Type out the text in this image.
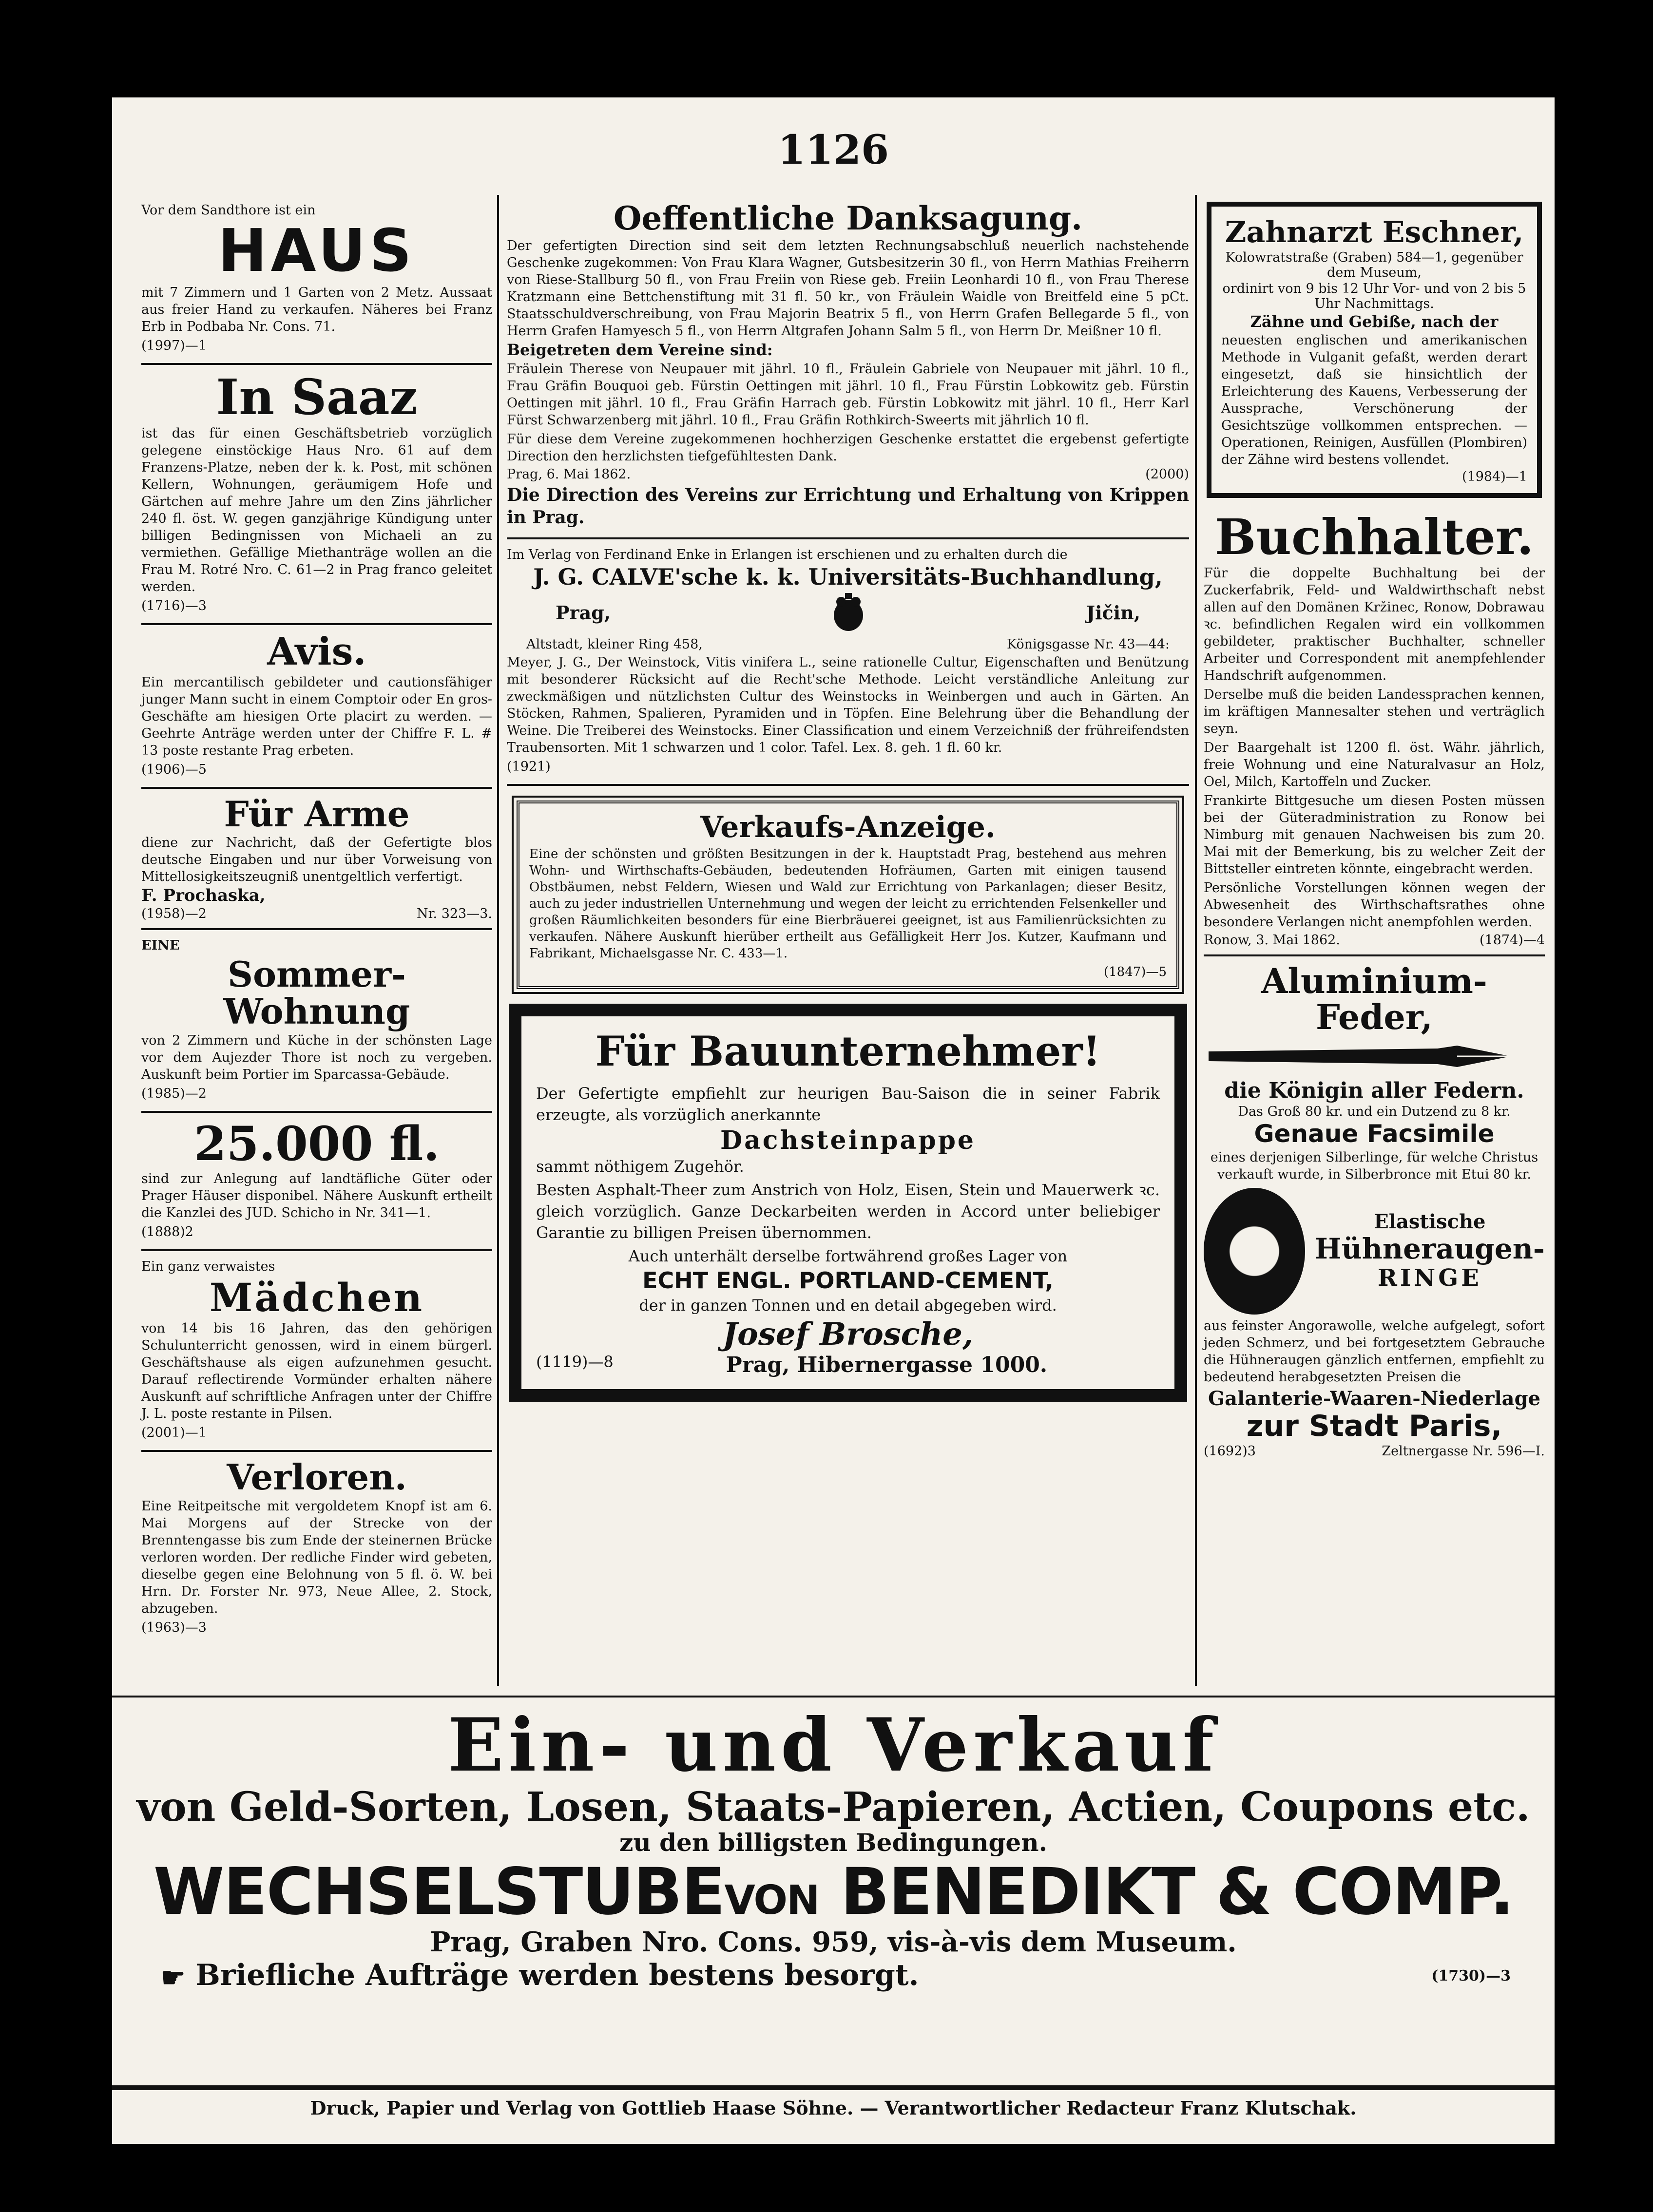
1126

Vor dem Sandthore ist ein

HAUS

mit 7 Zimmern und 1 Garten von 2 Metz. Aussaat aus freier Hand zu verkaufen. Näheres bei Franz Erb in Podbaba Nr. Cons. 71.

(1997)—1

In Saaz

ist das für einen Geschäftsbetrieb vorzüglich gelegene einstöckige Haus Nro. 61 auf dem Franzens-Platze, neben der k. k. Post, mit schönen Kellern, Wohnungen, geräumigem Hofe und Gärtchen auf mehre Jahre um den Zins jährlicher 240 fl. öst. W. gegen ganzjährige Kündigung unter billigen Bedingnissen von Michaeli an zu vermiethen. Gefällige Miethanträge wollen an die Frau M. Rotré Nro. C. 61—2 in Prag franco geleitet werden.

(1716)—3

Avis.

Ein mercantilisch gebildeter und cautionsfähiger junger Mann sucht in einem Comptoir oder En gros-Geschäfte am hiesigen Orte placirt zu werden. — Geehrte Anträge werden unter der Chiffre F. L. # 13 poste restante Prag erbeten.

(1906)—5

Für Arme

diene zur Nachricht, daß der Gefertigte blos deutsche Eingaben und nur über Vorweisung von Mittellosigkeitszeugniß unentgeltlich verfertigt.

F. Prochaska,

(1958)—2	Nr. 323—3.

EINE

Sommer-Wohnung

von 2 Zimmern und Küche in der schönsten Lage vor dem Aujezder Thore ist noch zu vergeben. Auskunft beim Portier im Sparcassa-Gebäude.

(1985)—2

25.000 fl.

sind zur Anlegung auf landtäfliche Güter oder Prager Häuser disponibel. Nähere Auskunft ertheilt die Kanzlei des JUD. Schicho in Nr. 341—1.

(1888)2

Ein ganz verwaistes

Mädchen

von 14 bis 16 Jahren, das den gehörigen Schulunterricht genossen, wird in einem bürgerl. Geschäftshause als eigen aufzunehmen gesucht. Darauf reflectirende Vormünder erhalten nähere Auskunft auf schriftliche Anfragen unter der Chiffre J. L. poste restante in Pilsen.

(2001)—1

Verloren.

Eine Reitpeitsche mit vergoldetem Knopf ist am 6. Mai Morgens auf der Strecke von der Brenntengasse bis zum Ende der steinernen Brücke verloren worden. Der redliche Finder wird gebeten, dieselbe gegen eine Belohnung von 5 fl. ö. W. bei Hrn. Dr. Forster Nr. 973, Neue Allee, 2. Stock, abzugeben.

(1963)—3

Oeffentliche Danksagung.

Der gefertigten Direction sind seit dem letzten Rechnungsabschluß neuerlich nachstehende Geschenke zugekommen: Von Frau Klara Wagner, Gutsbesitzerin 30 fl., von Herrn Mathias Freiherrn von Riese-Stallburg 50 fl., von Frau Freiin von Riese geb. Freiin Leonhardi 10 fl., von Frau Therese Kratzmann eine Bettchenstiftung mit 31 fl. 50 kr., von Fräulein Waidle von Breitfeld eine 5 pCt. Staatsschuldverschreibung, von Frau Majorin Beatrix 5 fl., von Herrn Grafen Bellegarde 5 fl., von Herrn Grafen Hamyesch 5 fl., von Herrn Altgrafen Johann Salm 5 fl., von Herrn Dr. Meißner 10 fl.

Beigetreten dem Vereine sind:

Fräulein Therese von Neupauer mit jährl. 10 fl., Fräulein Gabriele von Neupauer mit jährl. 10 fl., Frau Gräfin Bouquoi geb. Fürstin Oettingen mit jährl. 10 fl., Frau Fürstin Lobkowitz geb. Fürstin Oettingen mit jährl. 10 fl., Frau Gräfin Harrach geb. Fürstin Lobkowitz mit jährl. 10 fl., Herr Karl Fürst Schwarzenberg mit jährl. 10 fl., Frau Gräfin Rothkirch-Sweerts mit jährlich 10 fl.

Für diese dem Vereine zugekommenen hochherzigen Geschenke erstattet die ergebenst gefertigte Direction den herzlichsten tiefgefühltesten Dank.

Prag, 6. Mai 1862.	(2000)

Die Direction des Vereins zur Errichtung und Erhaltung von Krippen in Prag.

Im Verlag von Ferdinand Enke in Erlangen ist erschienen und zu erhalten durch die

J. G. CALVE'sche k. k. Universitäts-Buchhandlung,
Prag,	Jičin,
Altstadt, kleiner Ring 458,	Königsgasse Nr. 43—44:

Meyer, J. G., Der Weinstock, Vitis vinifera L., seine rationelle Cultur, Eigenschaften und Benützung mit besonderer Rücksicht auf die Recht'sche Methode. Leicht verständliche Anleitung zur zweckmäßigen und nützlichsten Cultur des Weinstocks in Weinbergen und auch in Gärten. An Stöcken, Rahmen, Spalieren, Pyramiden und in Töpfen. Eine Belehrung über die Behandlung der Weine. Die Treiberei des Weinstocks. Einer Classification und einem Verzeichniß der frühreifendsten Traubensorten. Mit 1 schwarzen und 1 color. Tafel. Lex. 8. geh. 1 fl. 60 kr.

(1921)

Verkaufs-Anzeige.

Eine der schönsten und größten Besitzungen in der k. Hauptstadt Prag, bestehend aus mehren Wohn- und Wirthschafts-Gebäuden, bedeutenden Hofräumen, Garten mit einigen tausend Obstbäumen, nebst Feldern, Wiesen und Wald zur Errichtung von Parkanlagen; dieser Besitz, auch zu jeder industriellen Unternehmung und wegen der leicht zu errichtenden Felsenkeller und großen Räumlichkeiten besonders für eine Bierbräuerei geeignet, ist aus Familienrücksichten zu verkaufen. Nähere Auskunft hierüber ertheilt aus Gefälligkeit Herr Jos. Kutzer, Kaufmann und Fabrikant, Michaelsgasse Nr. C. 433—1.

(1847)—5

Für Bauunternehmer!

Der Gefertigte empfiehlt zur heurigen Bau-Saison die in seiner Fabrik erzeugte, als vorzüglich anerkannte

Dachsteinpappe

sammt nöthigem Zugehör.

Besten Asphalt-Theer zum Anstrich von Holz, Eisen, Stein und Mauerwerk ꝛc. gleich vorzüglich. Ganze Deckarbeiten werden in Accord unter beliebiger Garantie zu billigen Preisen übernommen.

Auch unterhält derselbe fortwährend großes Lager von

ECHT ENGL. PORTLAND-CEMENT,

der in ganzen Tonnen und en detail abgegeben wird.

Josef Brosche,
(1119)—8	Prag, Hibernergasse 1000.
Zahnarzt Eschner,

Kolowratstraße (Graben) 584—1, gegenüber dem Museum,

ordinirt von 9 bis 12 Uhr Vor- und von 2 bis 5 Uhr Nachmittags.

Zähne und Gebiße, nach der

neuesten englischen und amerikanischen Methode in Vulganit gefaßt, werden derart eingesetzt, daß sie hinsichtlich der Erleichterung des Kauens, Verbesserung der Aussprache, Verschönerung der Gesichtszüge vollkommen entsprechen. — Operationen, Reinigen, Ausfüllen (Plombiren) der Zähne wird bestens vollendet.

(1984)—1

Buchhalter.

Für die doppelte Buchhaltung bei der Zuckerfabrik, Feld- und Waldwirthschaft nebst allen auf den Domänen Kržinec, Ronow, Dobrawau ꝛc. befindlichen Regalen wird ein vollkommen gebildeter, praktischer Buchhalter, schneller Arbeiter und Correspondent mit anempfehlender Handschrift aufgenommen.

Derselbe muß die beiden Landessprachen kennen, im kräftigen Mannesalter stehen und verträglich seyn.

Der Baargehalt ist 1200 fl. öst. Währ. jährlich, freie Wohnung und eine Naturalvasur an Holz, Oel, Milch, Kartoffeln und Zucker.

Frankirte Bittgesuche um diesen Posten müssen bei der Güteradministration zu Ronow bei Nimburg mit genauen Nachweisen bis zum 20. Mai mit der Bemerkung, bis zu welcher Zeit der Bittsteller eintreten könnte, eingebracht werden.

Persönliche Vorstellungen können wegen der Abwesenheit des Wirthschaftsrathes ohne besondere Verlangen nicht anempfohlen werden.

Ronow, 3. Mai 1862.	(1874)—4
Aluminium-Feder,
die Königin aller Federn.

Das Groß 80 kr. und ein Dutzend zu 8 kr.

Genaue Facsimile

eines derjenigen Silberlinge, für welche Christus verkauft wurde, in Silberbronce mit Etui 80 kr.

Elastische
Hühneraugen-
RINGE

aus feinster Angorawolle, welche aufgelegt, sofort jeden Schmerz, und bei fortgesetztem Gebrauche die Hühneraugen gänzlich entfernen, empfiehlt zu bedeutend herabgesetzten Preisen die

Galanterie-Waaren-Niederlage
zur Stadt Paris,
(1692)3	Zeltnergasse Nr. 596—I.
Ein- und Verkauf
von Geld-Sorten, Losen, Staats-Papieren, Actien, Coupons etc.
zu den billigsten Bedingungen.
WECHSELSTUBEVON BENEDIKT & COMP.
Prag, Graben Nro. Cons. 959, vis-à-vis dem Museum.
☛ Briefliche Aufträge werden bestens besorgt.	(1730)—3
Druck, Papier und Verlag von Gottlieb Haase Söhne. — Verantwortlicher Redacteur Franz Klutschak.
